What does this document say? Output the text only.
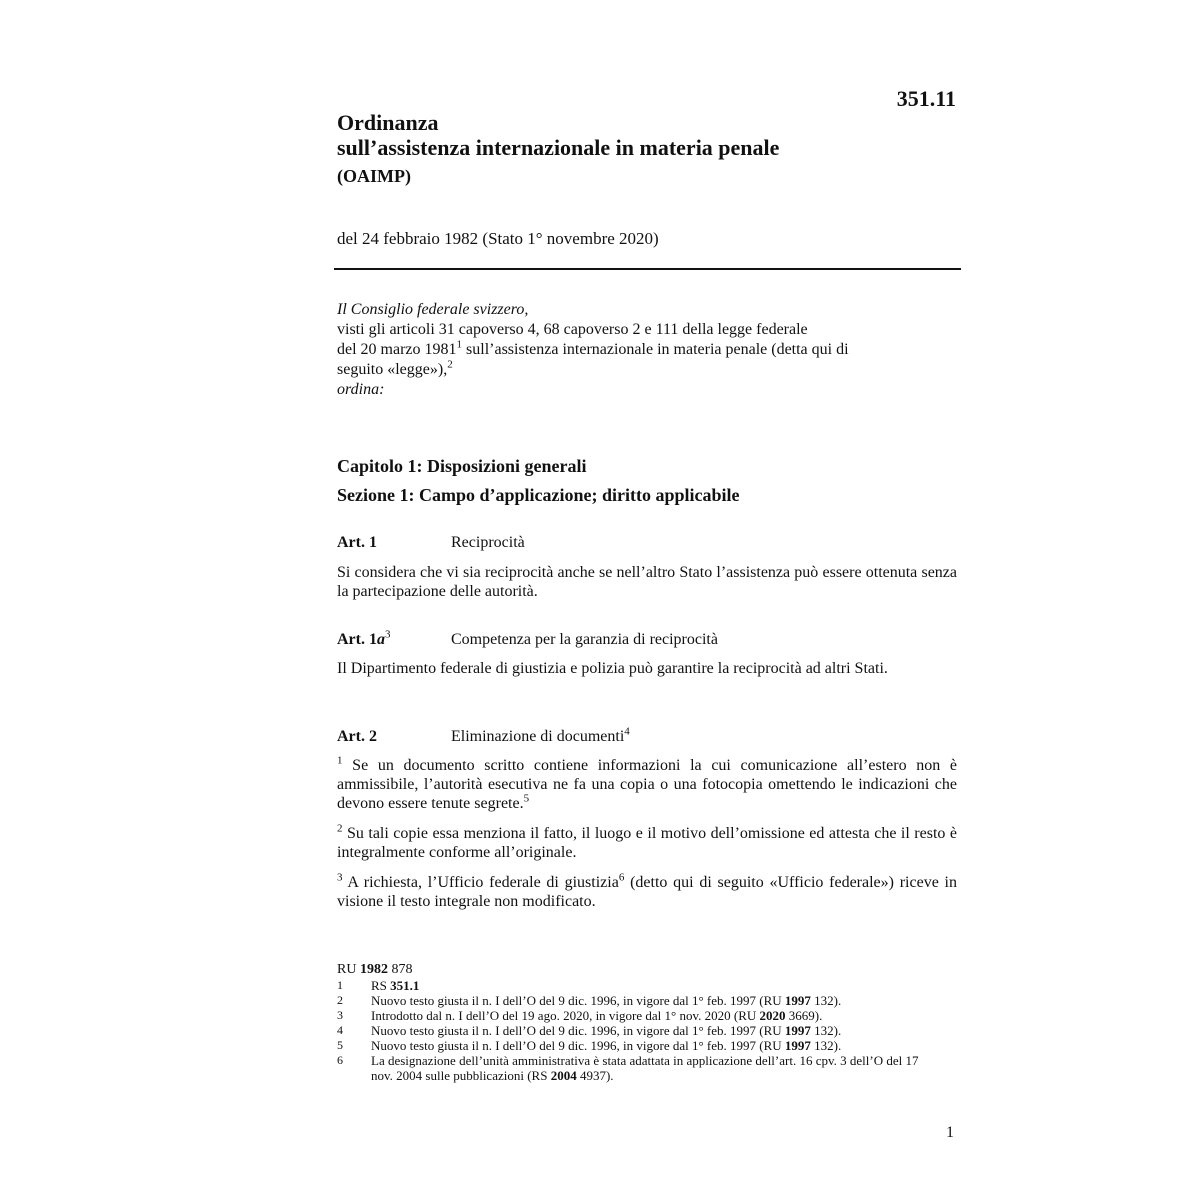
351.11
Ordinanza
sull’assistenza internazionale in materia penale
(OAIMP)
del 24 febbraio 1982 (Stato 1° novembre 2020)
Il Consiglio federale svizzero,
visti gli articoli 31 capoverso 4, 68 capoverso 2 e 111 della legge federale
del 20 marzo 1981$^1$ sull’assistenza internazionale in materia penale (detta qui di
seguito «legge»),$^2$
ordina:
Capitolo 1: Disposizioni generali
Sezione 1: Campo d’applicazione; diritto applicabile
Art. 1	Reciprocità
Si considera che vi sia reciprocità anche se nell’altro Stato l’assistenza può essere ottenuta senza la partecipazione delle autorità.
Art. $1a^3$	Competenza per la garanzia di reciprocità
Il Dipartimento federale di giustizia e polizia può garantire la reciprocità ad altri Stati.
Art. 2	Eliminazione di documenti$^4$
$^1$ Se un documento scritto contiene informazioni la cui comunicazione all’estero non è ammissibile, l’autorità esecutiva ne fa una copia o una fotocopia omettendo le indicazioni che devono essere tenute segrete.$^5$
$^2$ Su tali copie essa menziona il fatto, il luogo e il motivo dell’omissione ed attesta che il resto è integralmente conforme all’originale.
$^3$ A richiesta, l’Ufficio federale di giustizia$^6$ (detto qui di seguito «Ufficio federale») riceve in visione il testo integrale non modificato.
RU 1982 878
1	RS 351.1
2	Nuovo testo giusta il n. I dell’O del 9 dic. 1996, in vigore dal 1° feb. 1997 (RU 1997 132).
3	Introdotto dal n. I dell’O del 19 ago. 2020, in vigore dal 1° nov. 2020 (RU 2020 3669).
4	Nuovo testo giusta il n. I dell’O del 9 dic. 1996, in vigore dal 1° feb. 1997 (RU 1997 132).
5	Nuovo testo giusta il n. I dell’O del 9 dic. 1996, in vigore dal 1° feb. 1997 (RU 1997 132).
6	La designazione dell’unità amministrativa è stata adattata in applicazione dell’art. 16 cpv. 3 dell’O del 17 nov. 2004 sulle pubblicazioni (RS 2004 4937).
1
